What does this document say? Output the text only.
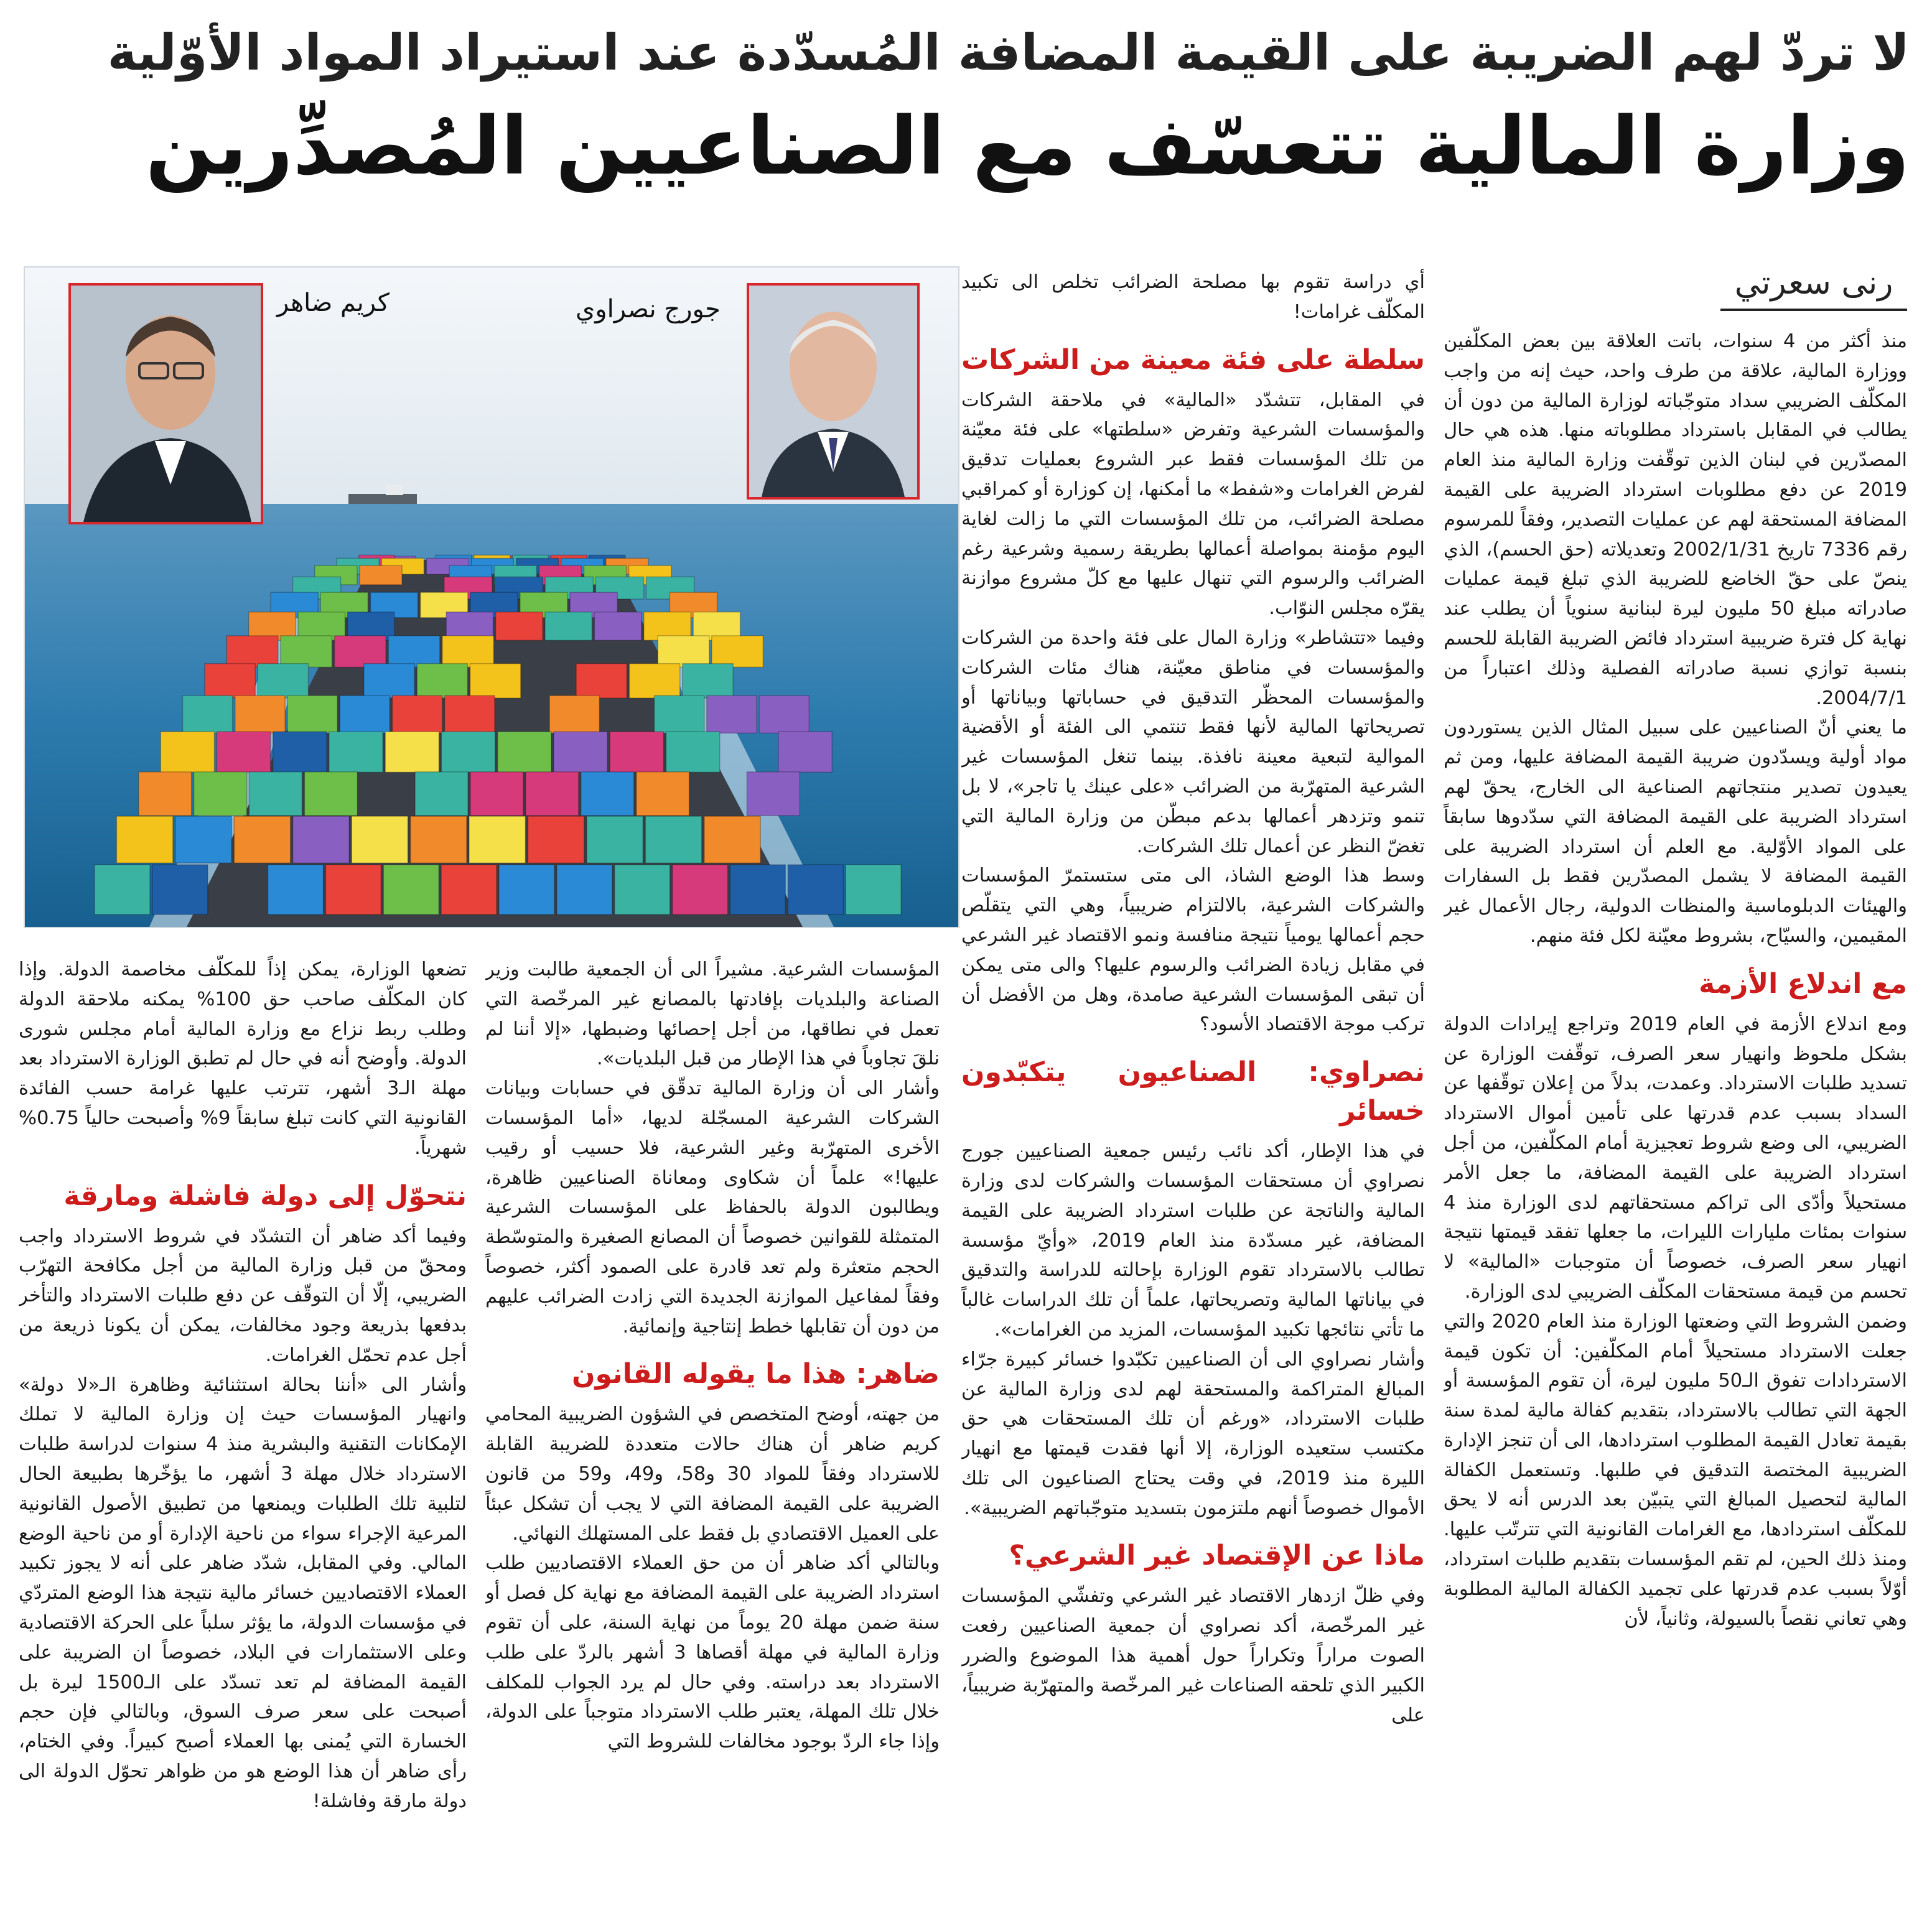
لا تردّ لهم الضريبة على القيمة المضافة المُسدّدة عند استيراد المواد الأوّلية
وزارة المالية تتعسّف مع الصناعيين المُصدِّرين
رنى سعرتي

منذ أكثر من 4 سنوات، باتت العلاقة بين بعض المكلّفين ووزارة المالية، علاقة من طرف واحد، حيث إنه من واجب المكلّف الضريبي سداد متوجّباته لوزارة المالية من دون أن يطالب في المقابل باسترداد مطلوباته منها. هذه هي حال المصدّرين في لبنان الذين توقّفت وزارة المالية منذ العام 2019 عن دفع مطلوبات استرداد الضريبة على القيمة المضافة المستحقة لهم عن عمليات التصدير، وفقاً للمرسوم رقم 7336 تاريخ 2002/1/31 وتعديلاته (حق الحسم)، الذي ينصّ على حقّ الخاضع للضريبة الذي تبلغ قيمة عمليات صادراته مبلغ 50 مليون ليرة لبنانية سنوياً أن يطلب عند نهاية كل فترة ضريبية استرداد فائض الضريبة القابلة للحسم بنسبة توازي نسبة صادراته الفصلية وذلك اعتباراً من 2004/7/1.

ما يعني أنّ الصناعيين على سبيل المثال الذين يستوردون مواد أولية ويسدّدون ضريبة القيمة المضافة عليها، ومن ثم يعيدون تصدير منتجاتهم الصناعية الى الخارج، يحقّ لهم استرداد الضريبة على القيمة المضافة التي سدّدوها سابقاً على المواد الأوّلية. مع العلم أن استرداد الضريبة على القيمة المضافة لا يشمل المصدّرين فقط بل السفارات والهيئات الدبلوماسية والمنظات الدولية، رجال الأعمال غير المقيمين، والسيّاح، بشروط معيّنة لكل فئة منهم.

مع اندلاع الأزمة

ومع اندلاع الأزمة في العام 2019 وتراجع إيرادات الدولة بشكل ملحوظ وانهيار سعر الصرف، توقّفت الوزارة عن تسديد طلبات الاسترداد. وعمدت، بدلاً من إعلان توقّفها عن السداد بسبب عدم قدرتها على تأمين أموال الاسترداد الضريبي، الى وضع شروط تعجيزية أمام المكلّفين، من أجل استرداد الضريبة على القيمة المضافة، ما جعل الأمر مستحيلاً وأدّى الى تراكم مستحقاتهم لدى الوزارة منذ 4 سنوات بمئات مليارات الليرات، ما جعلها تفقد قيمتها نتيجة انهيار سعر الصرف، خصوصاً أن متوجبات «المالية» لا تحسم من قيمة مستحقات المكلّف الضريبي لدى الوزارة.

وضمن الشروط التي وضعتها الوزارة منذ العام 2020 والتي جعلت الاسترداد مستحيلاً أمام المكلّفين: أن تكون قيمة الاستردادات تفوق الـ50 مليون ليرة، أن تقوم المؤسسة أو الجهة التي تطالب بالاسترداد، بتقديم كفالة مالية لمدة سنة بقيمة تعادل القيمة المطلوب استردادها، الى أن تنجز الإدارة الضريبية المختصة التدقيق في طلبها. وتستعمل الكفالة المالية لتحصيل المبالغ التي يتبيّن بعد الدرس أنه لا يحق للمكلّف استردادها، مع الغرامات القانونية التي تترتّب عليها. ومنذ ذلك الحين، لم تقم المؤسسات بتقديم طلبات استرداد، أوّلاً بسبب عدم قدرتها على تجميد الكفالة المالية المطلوبة وهي تعاني نقصاً بالسيولة، وثانياً، لأن

أي دراسة تقوم بها مصلحة الضرائب تخلص الى تكبيد المكلّف غرامات!

سلطة على فئة معينة من الشركات

في المقابل، تتشدّد «المالية» في ملاحقة الشركات والمؤسسات الشرعية وتفرض «سلطتها» على فئة معيّنة من تلك المؤسسات فقط عبر الشروع بعمليات تدقيق لفرض الغرامات و«شفط» ما أمكنها، إن كوزارة أو كمراقبي مصلحة الضرائب، من تلك المؤسسات التي ما زالت لغاية اليوم مؤمنة بمواصلة أعمالها بطريقة رسمية وشرعية رغم الضرائب والرسوم التي تنهال عليها مع كلّ مشروع موازنة يقرّه مجلس النوّاب.

وفيما «تتشاطر» وزارة المال على فئة واحدة من الشركات والمؤسسات في مناطق معيّنة، هناك مئات الشركات والمؤسسات المحظّر التدقيق في حساباتها وبياناتها أو تصريحاتها المالية لأنها فقط تنتمي الى الفئة أو الأقضية الموالية لتبعية معينة نافذة. بينما تنغل المؤسسات غير الشرعية المتهرّبة من الضرائب «على عينك يا تاجر»، لا بل تنمو وتزدهر أعمالها بدعم مبطّن من وزارة المالية التي تغضّ النظر عن أعمال تلك الشركات.

وسط هذا الوضع الشاذ، الى متى ستستمرّ المؤسسات والشركات الشرعية، بالالتزام ضريبياً، وهي التي يتقلّص حجم أعمالها يومياً نتيجة منافسة ونمو الاقتصاد غير الشرعي في مقابل زيادة الضرائب والرسوم عليها؟ والى متى يمكن أن تبقى المؤسسات الشرعية صامدة، وهل من الأفضل أن تركب موجة الاقتصاد الأسود؟

نصراوي: الصناعيون يتكبّدون خسائر

في هذا الإطار، أكد نائب رئيس جمعية الصناعيين جورج نصراوي أن مستحقات المؤسسات والشركات لدى وزارة المالية والناتجة عن طلبات استرداد الضريبة على القيمة المضافة، غير مسدّدة منذ العام 2019، «وأيّ مؤسسة تطالب بالاسترداد تقوم الوزارة بإحالته للدراسة والتدقيق في بياناتها المالية وتصريحاتها، علماً أن تلك الدراسات غالباً ما تأتي نتائجها تكبيد المؤسسات، المزيد من الغرامات».

وأشار نصراوي الى أن الصناعيين تكبّدوا خسائر كبيرة جرّاء المبالغ المتراكمة والمستحقة لهم لدى وزارة المالية عن طلبات الاسترداد، «ورغم أن تلك المستحقات هي حق مكتسب ستعيده الوزارة، إلا أنها فقدت قيمتها مع انهيار الليرة منذ 2019، في وقت يحتاج الصناعيون الى تلك الأموال خصوصاً أنهم ملتزمون بتسديد متوجّباتهم الضريبية».

ماذا عن الإقتصاد غير الشرعي؟

وفي ظلّ ازدهار الاقتصاد غير الشرعي وتفشّي المؤسسات غير المرخّصة، أكد نصراوي أن جمعية الصناعيين رفعت الصوت مراراً وتكراراً حول أهمية هذا الموضوع والضرر الكبير الذي تلحقه الصناعات غير المرخّصة والمتهرّبة ضريبياً، على

جورج نصراوي
كريم ضاهر

المؤسسات الشرعية. مشيراً الى أن الجمعية طالبت وزير الصناعة والبلديات بإفادتها بالمصانع غير المرخّصة التي تعمل في نطاقها، من أجل إحصائها وضبطها، «إلا أننا لم نلقَ تجاوباً في هذا الإطار من قبل البلديات».

وأشار الى أن وزارة المالية تدقّق في حسابات وبيانات الشركات الشرعية المسجّلة لديها، «أما المؤسسات الأخرى المتهرّبة وغير الشرعية، فلا حسيب أو رقيب عليها!» علماً أن شكاوى ومعاناة الصناعيين ظاهرة، ويطالبون الدولة بالحفاظ على المؤسسات الشرعية المتمثلة للقوانين خصوصاً أن المصانع الصغيرة والمتوسّطة الحجم متعثرة ولم تعد قادرة على الصمود أكثر، خصوصاً وفقاً لمفاعيل الموازنة الجديدة التي زادت الضرائب عليهم من دون أن تقابلها خطط إنتاجية وإنمائية.

ضاهر: هذا ما يقوله القانون

من جهته، أوضح المتخصص في الشؤون الضريبية المحامي كريم ضاهر أن هناك حالات متعددة للضريبة القابلة للاسترداد وفقاً للمواد 30 و58، و49، و59 من قانون الضريبة على القيمة المضافة التي لا يجب أن تشكل عبئاً على العميل الاقتصادي بل فقط على المستهلك النهائي.

وبالتالي أكد ضاهر أن من حق العملاء الاقتصاديين طلب استرداد الضريبة على القيمة المضافة مع نهاية كل فصل أو سنة ضمن مهلة 20 يوماً من نهاية السنة، على أن تقوم وزارة المالية في مهلة أقصاها 3 أشهر بالردّ على طلب الاسترداد بعد دراسته. وفي حال لم يرد الجواب للمكلف خلال تلك المهلة، يعتبر طلب الاسترداد متوجباً على الدولة، وإذا جاء الردّ بوجود مخالفات للشروط التي

تضعها الوزارة، يمكن إذاً للمكلّف مخاصمة الدولة. وإذا كان المكلّف صاحب حق 100% يمكنه ملاحقة الدولة وطلب ربط نزاع مع وزارة المالية أمام مجلس شورى الدولة. وأوضح أنه في حال لم تطبق الوزارة الاسترداد بعد مهلة الـ3 أشهر، تترتب عليها غرامة حسب الفائدة القانونية التي كانت تبلغ سابقاً 9% وأصبحت حالياً 0.75% شهرياً.

نتحوّل إلى دولة فاشلة ومارقة

وفيما أكد ضاهر أن التشدّد في شروط الاسترداد واجب ومحقّ من قبل وزارة المالية من أجل مكافحة التهرّب الضريبي، إلّا أن التوقّف عن دفع طلبات الاسترداد والتأخر بدفعها بذريعة وجود مخالفات، يمكن أن يكونا ذريعة من أجل عدم تحمّل الغرامات.

وأشار الى «أننا بحالة استثنائية وظاهرة الـ«لا دولة» وانهيار المؤسسات حيث إن وزارة المالية لا تملك الإمكانات التقنية والبشرية منذ 4 سنوات لدراسة طلبات الاسترداد خلال مهلة 3 أشهر، ما يؤخّرها بطبيعة الحال لتلبية تلك الطلبات ويمنعها من تطبيق الأصول القانونية المرعية الإجراء سواء من ناحية الإدارة أو من ناحية الوضع المالي. وفي المقابل، شدّد ضاهر على أنه لا يجوز تكبيد العملاء الاقتصاديين خسائر مالية نتيجة هذا الوضع المتردّي في مؤسسات الدولة، ما يؤثر سلباً على الحركة الاقتصادية وعلى الاستثمارات في البلاد، خصوصاً ان الضريبة على القيمة المضافة لم تعد تسدّد على الـ1500 ليرة بل أصبحت على سعر صرف السوق، وبالتالي فإن حجم الخسارة التي يُمنى بها العملاء أصبح كبيراً. وفي الختام، رأى ضاهر أن هذا الوضع هو من ظواهر تحوّل الدولة الى دولة مارقة وفاشلة!
